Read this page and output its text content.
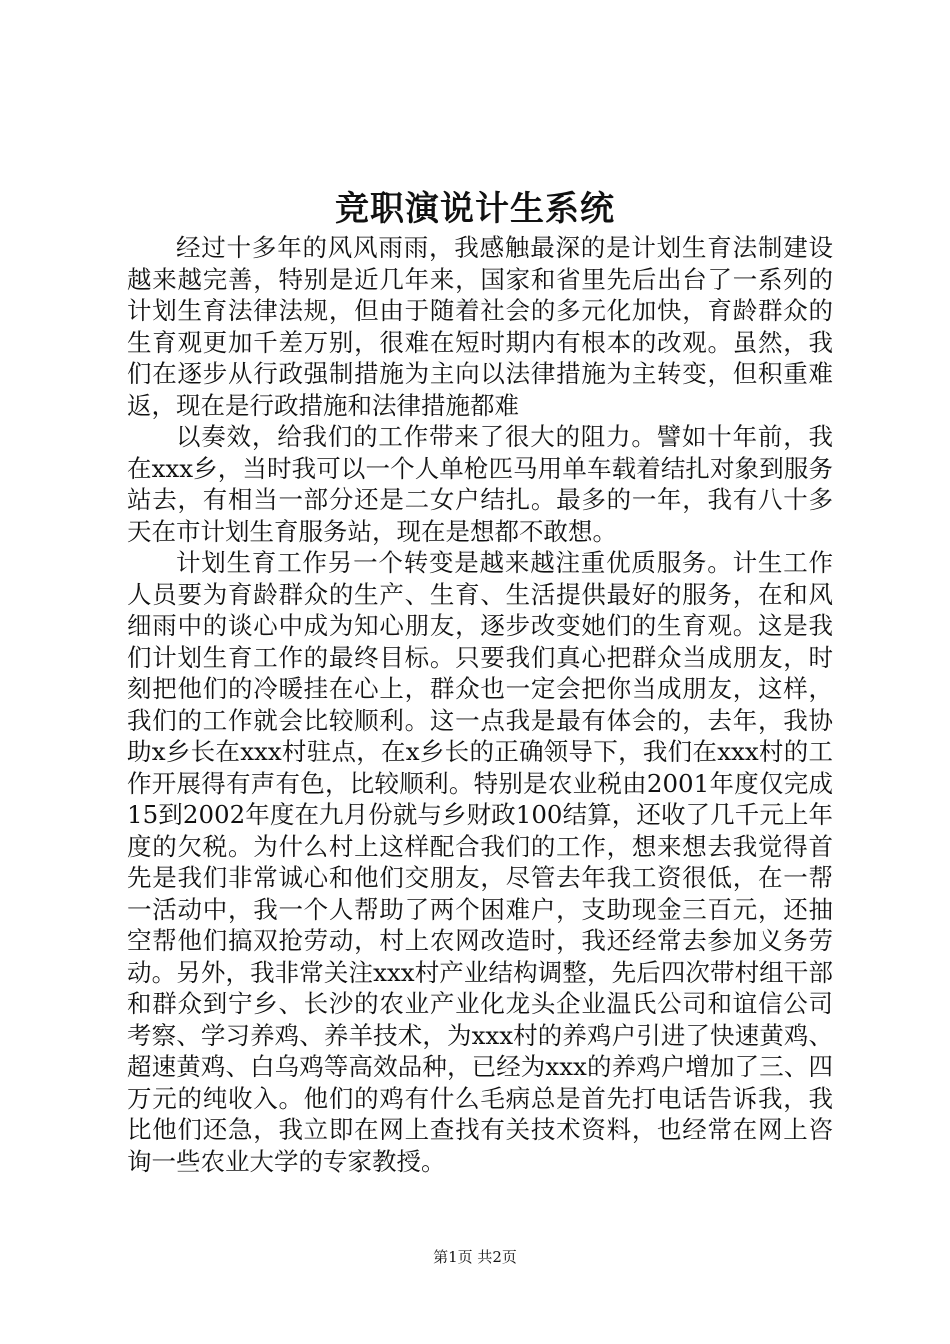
竞职演说计生系统

经过十多年的风风雨雨，我感触最深的是计划生育法制建设越来越完善，特别是近几年来，国家和省里先后出台了一系列的计划生育法律法规，但由于随着社会的多元化加快，育龄群众的生育观更加千差万别，很难在短时期内有根本的改观。虽然，我们在逐步从行政强制措施为主向以法律措施为主转变，但积重难返，现在是行政措施和法律措施都难

以奏效，给我们的工作带来了很大的阻力。譬如十年前，我在xxx乡，当时我可以一个人单枪匹马用单车载着结扎对象到服务站去，有相当一部分还是二女户结扎。最多的一年，我有八十多天在市计划生育服务站，现在是想都不敢想。

计划生育工作另一个转变是越来越注重优质服务。计生工作人员要为育龄群众的生产、生育、生活提供最好的服务，在和风细雨中的谈心中成为知心朋友，逐步改变她们的生育观。这是我们计划生育工作的最终目标。只要我们真心把群众当成朋友，时刻把他们的冷暖挂在心上，群众也一定会把你当成朋友，这样，我们的工作就会比较顺利。这一点我是最有体会的，去年，我协助x乡长在xxx村驻点，在x乡长的正确领导下，我们在xxx村的工作开展得有声有色，比较顺利。特别是农业税由2001年度仅完成15到2002年度在九月份就与乡财政100结算，还收了几千元上年度的欠税。为什么村上这样配合我们的工作，想来想去我觉得首先是我们非常诚心和他们交朋友，尽管去年我工资很低，在一帮一活动中，我一个人帮助了两个困难户，支助现金三百元，还抽空帮他们搞双抢劳动，村上农网改造时，我还经常去参加义务劳动。另外，我非常关注xxx村产业结构调整，先后四次带村组干部和群众到宁乡、长沙的农业产业化龙头企业温氏公司和谊信公司考察、学习养鸡、养羊技术，为xxx村的养鸡户引进了快速黄鸡、超速黄鸡、白乌鸡等高效品种，已经为xxx的养鸡户增加了三、四万元的纯收入。他们的鸡有什么毛病总是首先打电话告诉我，我比他们还急，我立即在网上查找有关技术资料，也经常在网上咨询一些农业大学的专家教授。

第1页 共2页
